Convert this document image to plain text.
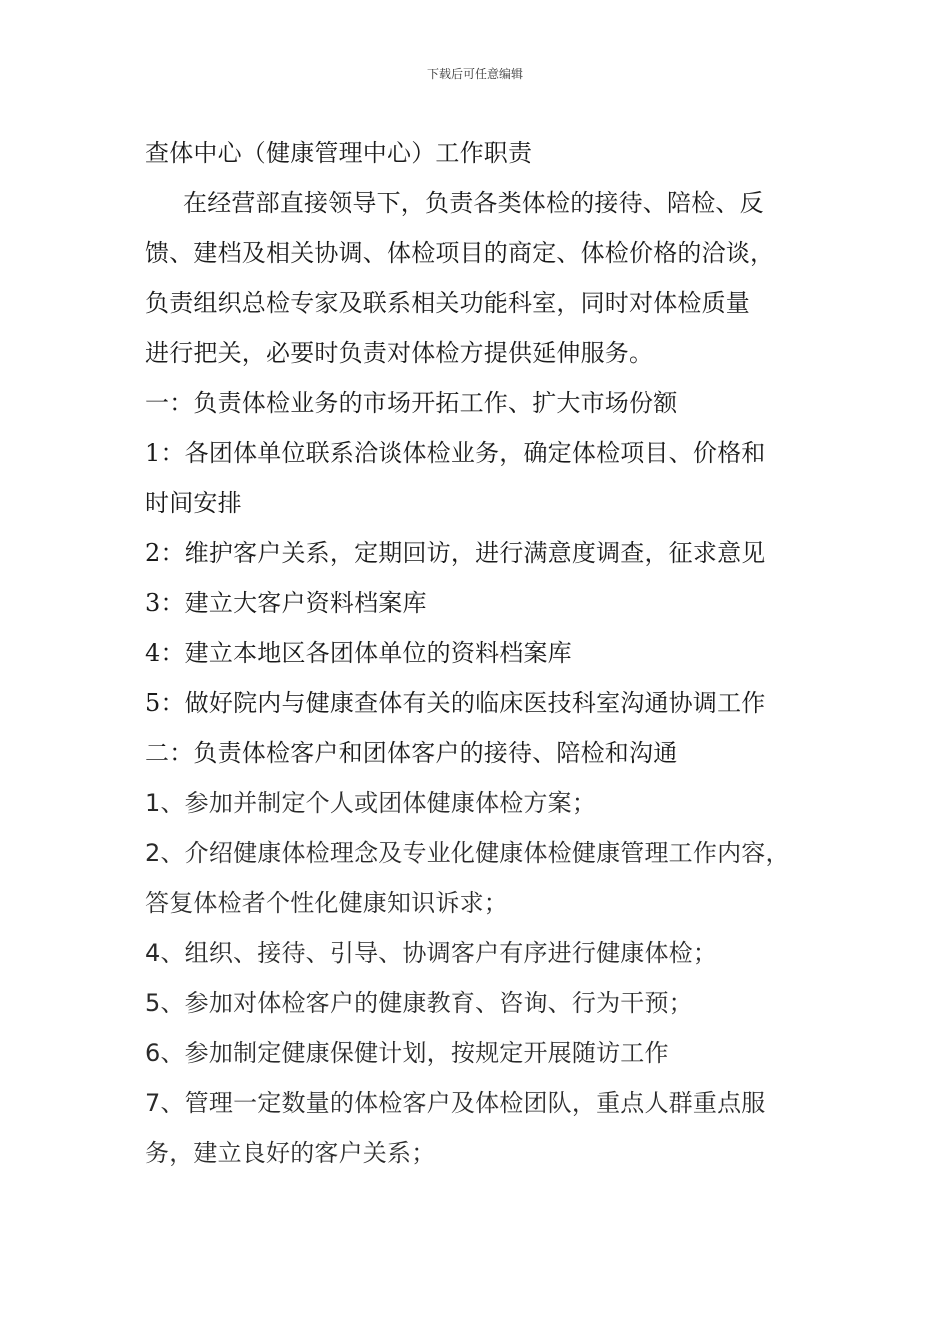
下载后可任意编辑
查体中心（健康管理中心）工作职责
在经营部直接领导下，负责各类体检的接待、陪检、反
馈、建档及相关协调、体检项目的商定、体检价格的洽谈，
负责组织总检专家及联系相关功能科室，同时对体检质量
进行把关，必要时负责对体检方提供延伸服务。
一：负责体检业务的市场开拓工作、扩大市场份额
1：各团体单位联系洽谈体检业务，确定体检项目、价格和
时间安排
2：维护客户关系，定期回访，进行满意度调查，征求意见
3：建立大客户资料档案库
4：建立本地区各团体单位的资料档案库
5：做好院内与健康查体有关的临床医技科室沟通协调工作
二：负责体检客户和团体客户的接待、陪检和沟通
1、参加并制定个人或团体健康体检方案；
2、介绍健康体检理念及专业化健康体检健康管理工作内容，
答复体检者个性化健康知识诉求；
4、组织、接待、引导、协调客户有序进行健康体检；
5、参加对体检客户的健康教育、咨询、行为干预；
6、参加制定健康保健计划，按规定开展随访工作
7、管理一定数量的体检客户及体检团队，重点人群重点服
务，建立良好的客户关系；
